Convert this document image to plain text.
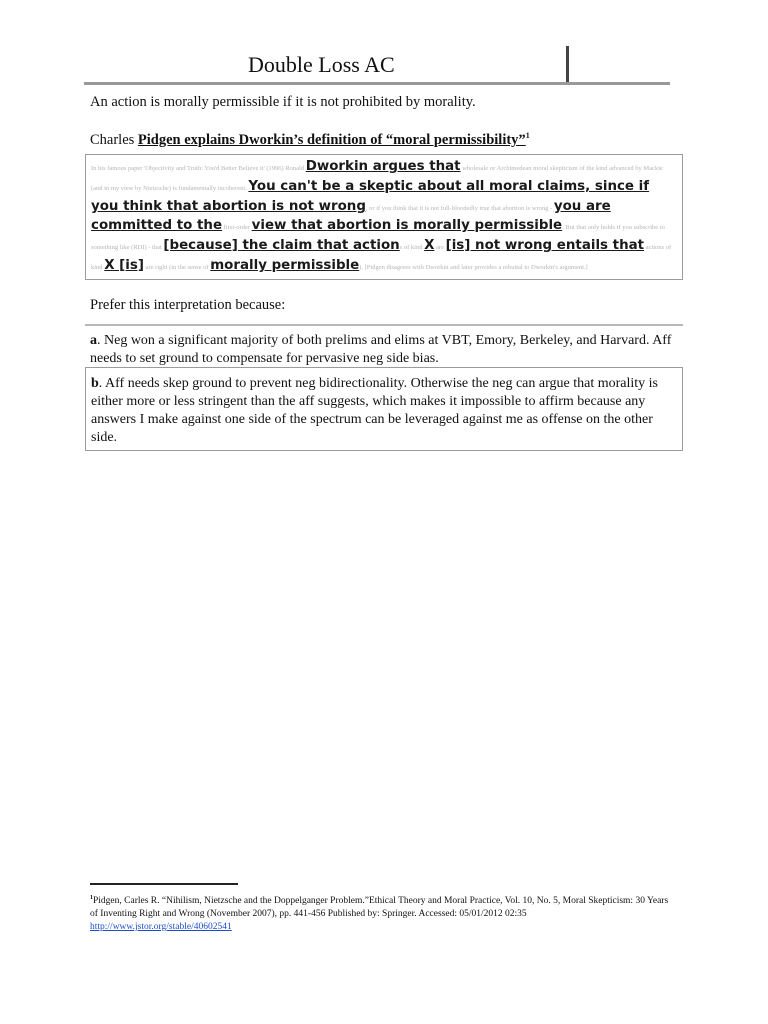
Double Loss AC
An action is morally permissible if it is not prohibited by morality.
Charles Pidgen explains Dworkin’s definition of “moral permissibility”$^1$
In his famous paper 'Objectivity and Truth: You'd Better Believe it' (1996) Ronald Dworkin argues that wholesale or Archimedean moral skepticism of the kind advanced by Mackie (and in my view by Nietzsche) is fundamentally incoherent. You can't be a skeptic about all moral claims, since if you think that abortion is not wrong, or if you think that it is not full-bloodedly true that abortion is wrong - you are committed to the first-order view that abortion is morally permissible. But that only holds if you subscribe to something like (RDI) - that [because] the claim that actions of kind X are [is] not wrong entails that actions of kind X [is] are right (in the sense of morally permissible). [Pidgen disagrees with Dworkin and later provides a rebuttal to Dworkin's argument.]
Prefer this interpretation because:
a. Neg won a significant majority of both prelims and elims at VBT, Emory, Berkeley, and Harvard. Aff needs to set ground to compensate for pervasive neg side bias.
b. Aff needs skep ground to prevent neg bidirectionality. Otherwise the neg can argue that morality is either more or less stringent than the aff suggests, which makes it impossible to affirm because any answers I make against one side of the spectrum can be leveraged against me as offense on the other side.
$^1$Pidgen, Carles R. “Nihilism, Nietzsche and the Doppelganger Problem.”Ethical Theory and Moral Practice, Vol. 10, No. 5, Moral Skepticism: 30 Years of Inventing Right and Wrong (November 2007), pp. 441-456 Published by: Springer. Accessed: 05/01/2012 02:35 http://www.jstor.org/stable/40602541
